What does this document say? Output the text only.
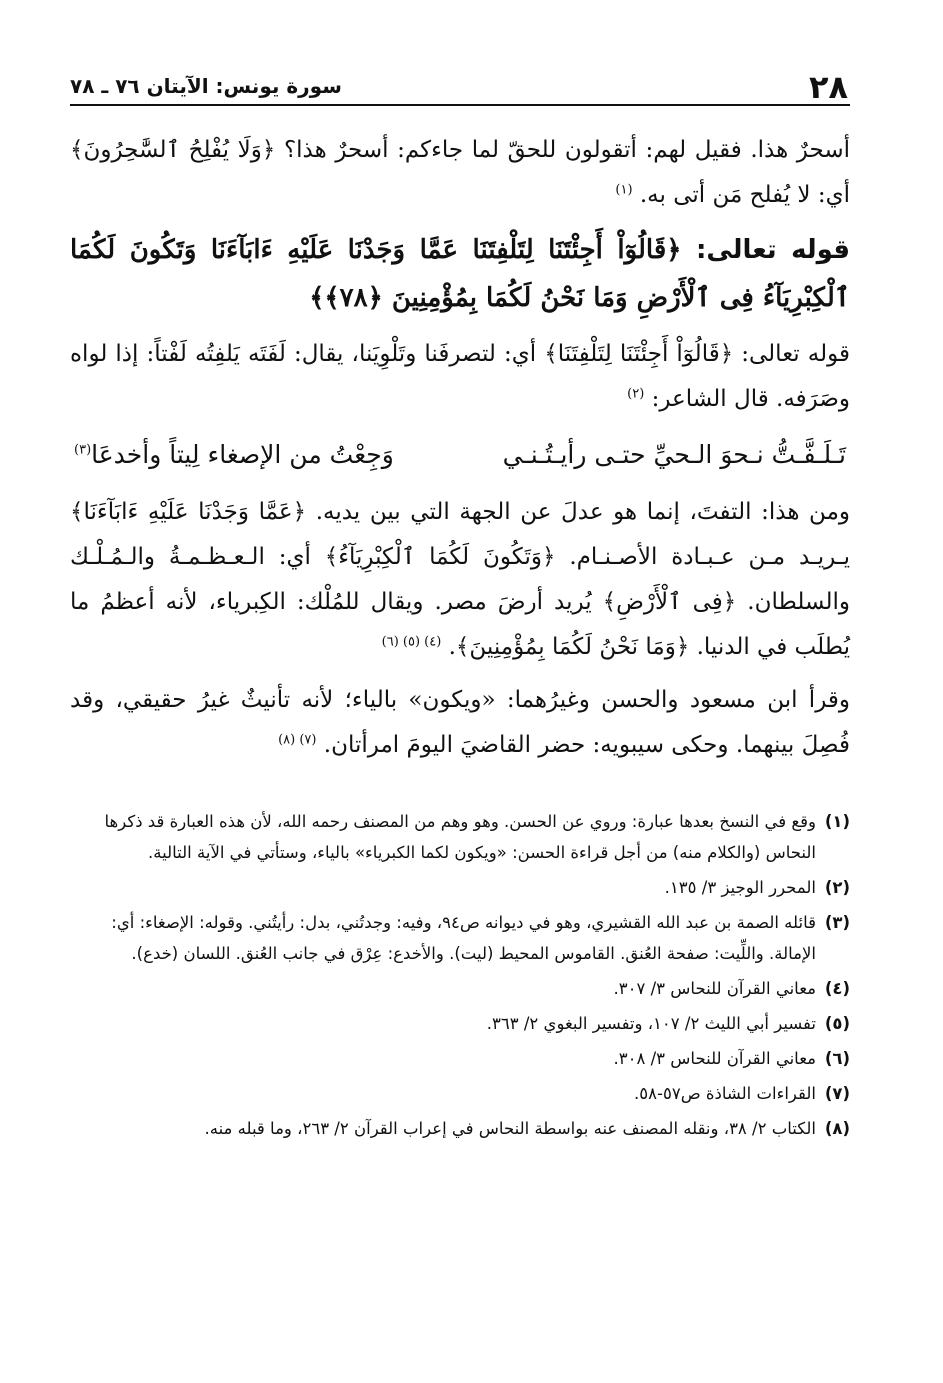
٢٨
سورة يونس: الآيتان ٧٦ ـ ٧٨

أسحرٌ هذا. فقيل لهم: أتقولون للحقّ لما جاءكم: أسحرٌ هذا؟ ﴿وَلَا يُفْلِحُ ٱلسَّٰحِرُونَ﴾ أي: لا يُفلح مَن أتى به. $^{(١)}$

قوله تعالى: ﴿قَالُوٓاْ أَجِئْتَنَا لِتَلْفِتَنَا عَمَّا وَجَدْنَا عَلَيْهِ ءَابَآءَنَا وَتَكُونَ لَكُمَا ٱلْكِبْرِيَآءُ فِى ٱلْأَرْضِ وَمَا نَحْنُ لَكُمَا بِمُؤْمِنِينَ ﴿٧٨﴾﴾

قوله تعالى: ﴿قَالُوٓاْ أَجِئْتَنَا لِتَلْفِتَنَا﴾ أي: لتصرفَنا وتَلْوِيَنا، يقال: لَفَتَه يَلفِتُه لَفْتاً: إذا لواه وصَرَفه. قال الشاعر: $^{(٢)}$

تَـلَـفَّـتُّ نـحوَ الـحيِّ حتـى رأيـتُـنـي
وَجِعْتُ من الإصغاء لِيتاً وأخدعَا$^{(٣)}$

ومن هذا: التفتَ، إنما هو عدلَ عن الجهة التي بين يديه. ﴿عَمَّا وَجَدْنَا عَلَيْهِ ءَابَآءَنَا﴾ يـريـد مـن عـبـادة الأصـنـام. ﴿وَتَكُونَ لَكُمَا ٱلْكِبْرِيَآءُ﴾ أي: الـعـظـمـةُ والـمُـلْـك والسلطان. ﴿فِى ٱلْأَرْضِ﴾ يُريد أرضَ مصر. ويقال للمُلْك: الكِبرياء، لأنه أعظمُ ما يُطلَب في الدنيا. ﴿وَمَا نَحْنُ لَكُمَا بِمُؤْمِنِينَ﴾. $^{(٤) (٥) (٦)}$

وقرأ ابن مسعود والحسن وغيرُهما: «ويكون» بالياء؛ لأنه تأنيثٌ غيرُ حقيقي، وقد فُصِلَ بينهما. وحكى سيبويه: حضر القاضيَ اليومَ امرأتان. $^{(٧) (٨)}$

(١)
وقع في النسخ بعدها عبارة: وروي عن الحسن. وهو وهم من المصنف رحمه الله، لأن هذه العبارة قد ذكرها النحاس (والكلام منه) من أجل قراءة الحسن: «ويكون لكما الكبرياء» بالياء، وستأتي في الآية التالية.
(٢)
المحرر الوجيز ٣/ ١٣٥.
(٣)
قائله الصمة بن عبد الله القشيري، وهو في ديوانه ص٩٤، وفيه: وجدتُني، بدل: رأيتُني. وقوله: الإصغاء: أي: الإمالة. واللِّيت: صفحة العُنق. القاموس المحيط (ليت). والأخدع: عِرْق في جانب العُنق. اللسان (خدع).
(٤)
معاني القرآن للنحاس ٣/ ٣٠٧.
(٥)
تفسير أبي الليث ٢/ ١٠٧، وتفسير البغوي ٢/ ٣٦٣.
(٦)
معاني القرآن للنحاس ٣/ ٣٠٨.
(٧)
القراءات الشاذة ص٥٧-٥٨.
(٨)
الكتاب ٢/ ٣٨، ونقله المصنف عنه بواسطة النحاس في إعراب القرآن ٢/ ٢٦٣، وما قبله منه.
